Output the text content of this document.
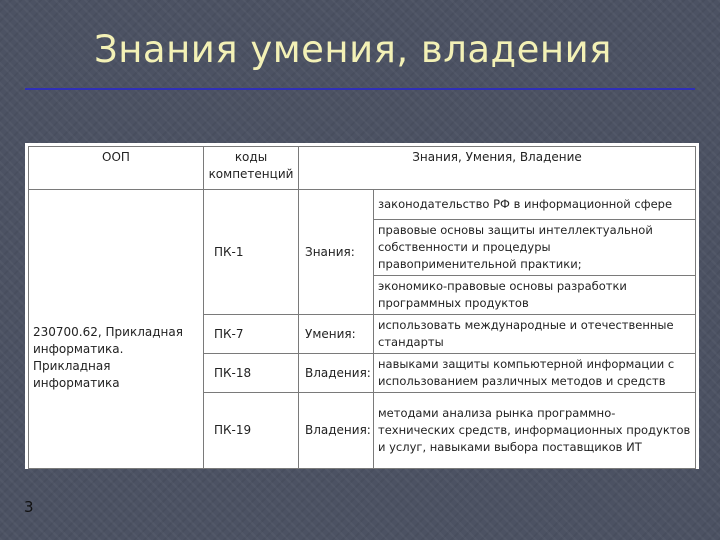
Знания умения, владения
ООП	коды компетенций	Знания, Умения, Владение	
230700.62, Прикладная информатика. Прикладная информатика	ПК-1	Знания:	законодательство РФ в информационной сфере
			правовые основы защиты интеллектуальной собственности и процедуры правоприменительной практики;
			экономико-правовые основы разработки программных продуктов
	ПК-7	Умения:	использовать международные и отечественные стандарты
	ПК-18	Владения:	навыками защиты компьютерной информации с использованием различных методов и средств
	ПК-19	Владения:	методами анализа рынка программно-технических средств, информационных продуктов и услуг, навыками выбора поставщиков ИТ
3
